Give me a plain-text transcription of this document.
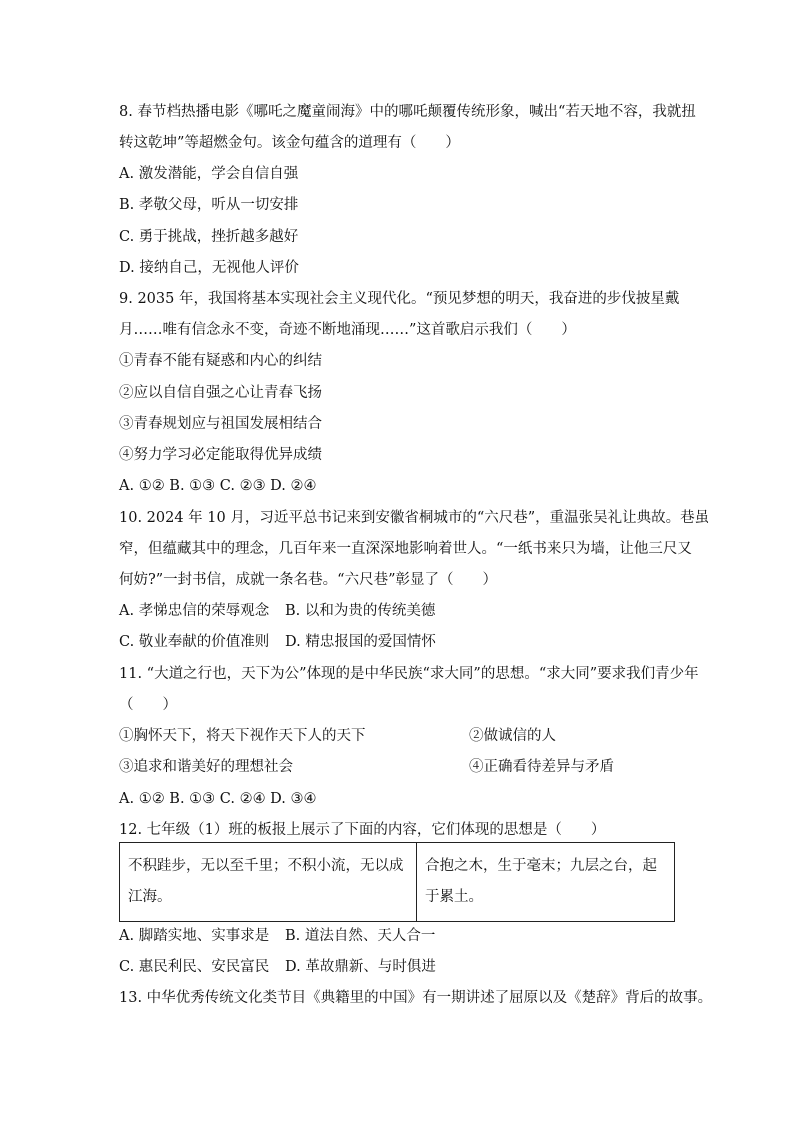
8. 春节档热播电影《哪吒之魔童闹海》中的哪吒颠覆传统形象，喊出“若天地不容，我就扭
转这乾坤”等超燃金句。该金句蕴含的道理有（　　）
A. 激发潜能，学会自信自强
B. 孝敬父母，听从一切安排
C. 勇于挑战，挫折越多越好
D. 接纳自己，无视他人评价
9. 2035 年，我国将基本实现社会主义现代化。“预见梦想的明天，我奋进的步伐披星戴
月……唯有信念永不变，奇迹不断地涌现……”这首歌启示我们（　　）
①青春不能有疑惑和内心的纠结
②应以自信自强之心让青春飞扬
③青春规划应与祖国发展相结合
④努力学习必定能取得优异成绩
A. ①② B. ①③ C. ②③ D. ②④
10. 2024 年 10 月，习近平总书记来到安徽省桐城市的“六尺巷”，重温张吴礼让典故。巷虽
窄，但蕴藏其中的理念，几百年来一直深深地影响着世人。“一纸书来只为墙，让他三尺又
何妨?”一封书信，成就一条名巷。“六尺巷”彰显了（　　）
A. 孝悌忠信的荣辱观念 B. 以和为贵的传统美德
C. 敬业奉献的价值准则 D. 精忠报国的爱国情怀
11. “大道之行也，天下为公”体现的是中华民族“求大同”的思想。“求大同”要求我们青少年
（　　）
①胸怀天下，将天下视作天下人的天下	②做诚信的人
③追求和谐美好的理想社会	④正确看待差异与矛盾
A. ①② B. ①③ C. ②④ D. ③④
12. 七年级（1）班的板报上展示了下面的内容，它们体现的思想是（　　）
不积跬步，无以至千里；不积小流，无以成江海。	合抱之木，生于毫末；九层之台，起于累土。
A. 脚踏实地、实事求是 B. 道法自然、天人合一
C. 惠民利民、安民富民 D. 革故鼎新、与时俱进
13. 中华优秀传统文化类节目《典籍里的中国》有一期讲述了屈原以及《楚辞》背后的故事。
